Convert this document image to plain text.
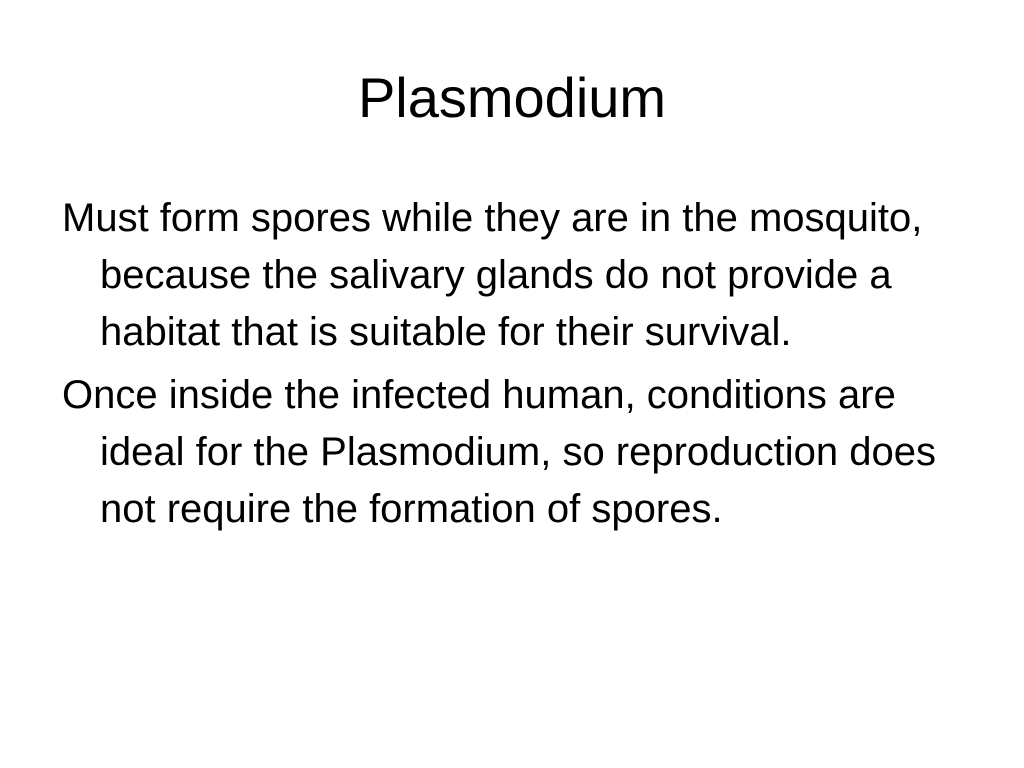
Plasmodium
Must form spores while they are in the mosquito, because the salivary glands do not provide a habitat that is suitable for their survival.
Once inside the infected human, conditions are ideal for the Plasmodium, so reproduction does not require the formation of spores.
